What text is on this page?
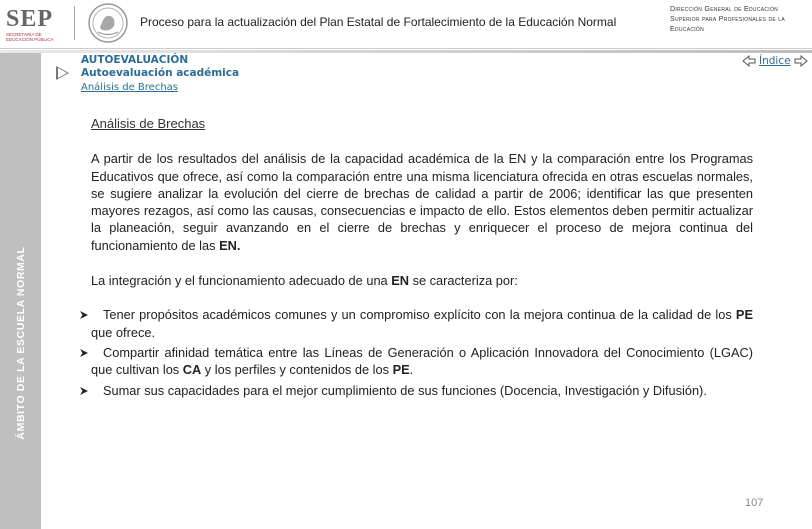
SEP
SECRETARÍA DE EDUCACIÓN PÚBLICA
Proceso para la actualización del Plan Estatal de Fortalecimiento de la Educación Normal
Dirección General de Educación Superior para Profesionales de la Educación
ÁMBITO DE LA ESCUELA NORMAL
AUTOEVALUACIÓN
Autoevaluación académica
Análisis de Brechas
Índice
Análisis de Brechas

A partir de los resultados del análisis de la capacidad académica de la EN y la comparación entre los Programas Educativos que ofrece, así como la comparación entre una misma licenciatura ofrecida en otras escuelas normales, se sugiere analizar la evolución del cierre de brechas de calidad a partir de 2006; identificar las que presenten mayores rezagos, así como las causas, consecuencias e impacto de ello. Estos elementos deben permitir actualizar la planeación, seguir avanzando en el cierre de brechas y enriquecer el proceso de mejora continua del funcionamiento de las EN.

La integración y el funcionamiento adecuado de una EN se caracteriza por:

Tener propósitos académicos comunes y un compromiso explícito con la mejora continua de la calidad de los PE que ofrece.
Compartir afinidad temática entre las Líneas de Generación o Aplicación Innovadora del Conocimiento (LGAC) que cultivan los CA y los perfiles y contenidos de los PE.
Sumar sus capacidades para el mejor cumplimiento de sus funciones (Docencia, Investigación y Difusión).
107
